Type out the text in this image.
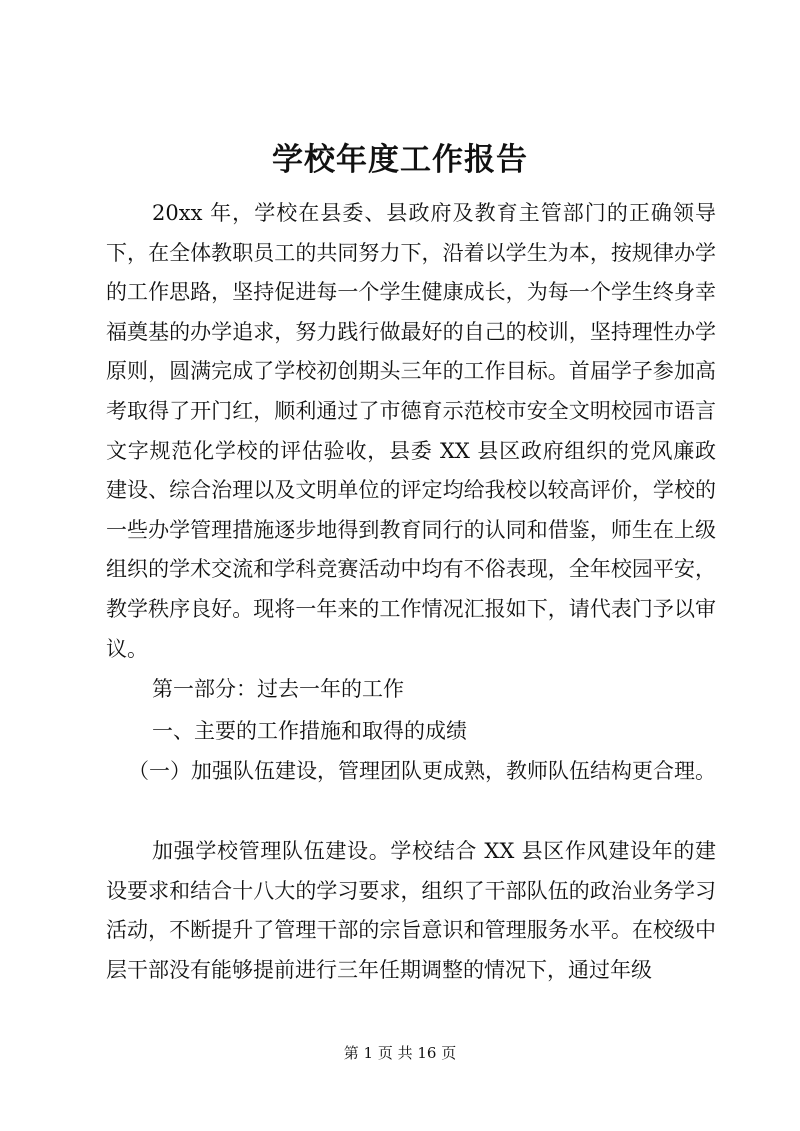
学校年度工作报告

20xx 年，学校在县委、县政府及教育主管部门的正确领导下，在全体教职员工的共同努力下，沿着以学生为本，按规律办学的工作思路，坚持促进每一个学生健康成长，为每一个学生终身幸福奠基的办学追求，努力践行做最好的自己的校训，坚持理性办学原则，圆满完成了学校初创期头三年的工作目标。首届学子参加高考取得了开门红，顺利通过了市德育示范校市安全文明校园市语言文字规范化学校的评估验收，县委 XX 县区政府组织的党风廉政建设、综合治理以及文明单位的评定均给我校以较高评价，学校的一些办学管理措施逐步地得到教育同行的认同和借鉴，师生在上级组织的学术交流和学科竞赛活动中均有不俗表现，全年校园平安，教学秩序良好。现将一年来的工作情况汇报如下，请代表门予以审议。

第一部分：过去一年的工作

一、主要的工作措施和取得的成绩

（一）加强队伍建设，管理团队更成熟，教师队伍结构更合理。

加强学校管理队伍建设。学校结合 XX 县区作风建设年的建设要求和结合十八大的学习要求，组织了干部队伍的政治业务学习活动，不断提升了管理干部的宗旨意识和管理服务水平。在校级中层干部没有能够提前进行三年任期调整的情况下，通过年级

第 1 页 共 16 页
